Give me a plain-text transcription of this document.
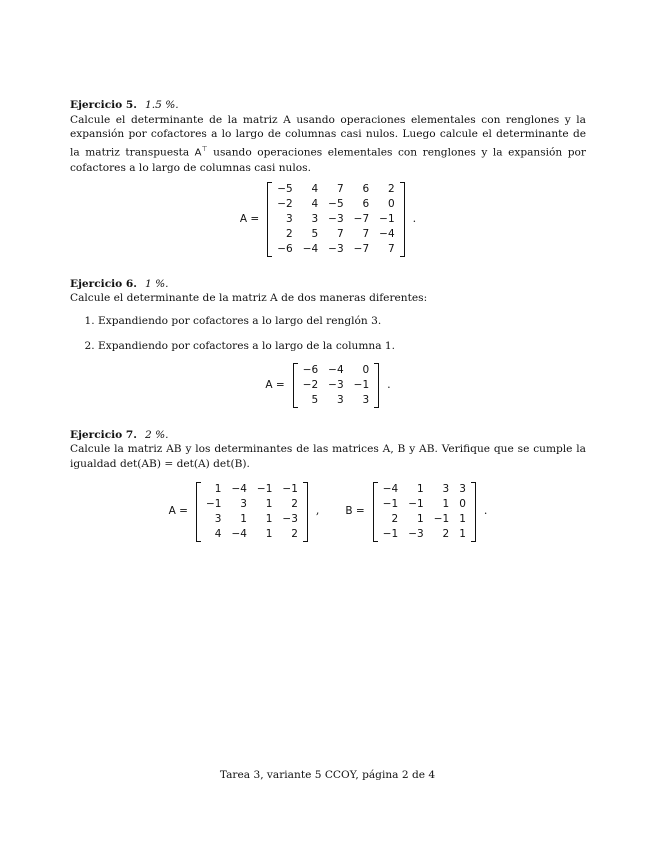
Ejercicio 5. 1.5 %.

Calcule el determinante de la matriz A usando operaciones elementales con renglones y la expansión por cofactores a lo largo de columnas casi nulos. Luego calcule el determinante de la matriz transpuesta A⊤ usando operaciones elementales con renglones y la expansión por cofactores a lo largo de columnas casi nulos.

A =
−5	4	7	6	2
−2	4	−5	6	0
3	3	−3	−7	−1
2	5	7	7	−4
−6	−4	−3	−7	7
.

Ejercicio 6. 1 %.

Calcule el determinante de la matriz A de dos maneras diferentes:

1. Expandiendo por cofactores a lo largo del renglón 3.
2. Expandiendo por cofactores a lo largo de la columna 1.
A =
−6	−4	0
−2	−3	−1
5	3	3
.

Ejercicio 7. 2 %.

Calcule la matriz AB y los determinantes de las matrices A, B y AB. Verifique que se cumple la igualdad det(AB) = det(A) det(B).

A =
1	−4	−1	−1
−1	3	1	2
3	1	1	−3
4	−4	1	2
, B =
−4	1	3	3
−1	−1	1	0
2	1	−1	1
−1	−3	2	1
.
Tarea 3, variante 5 CCOY, página 2 de 4
